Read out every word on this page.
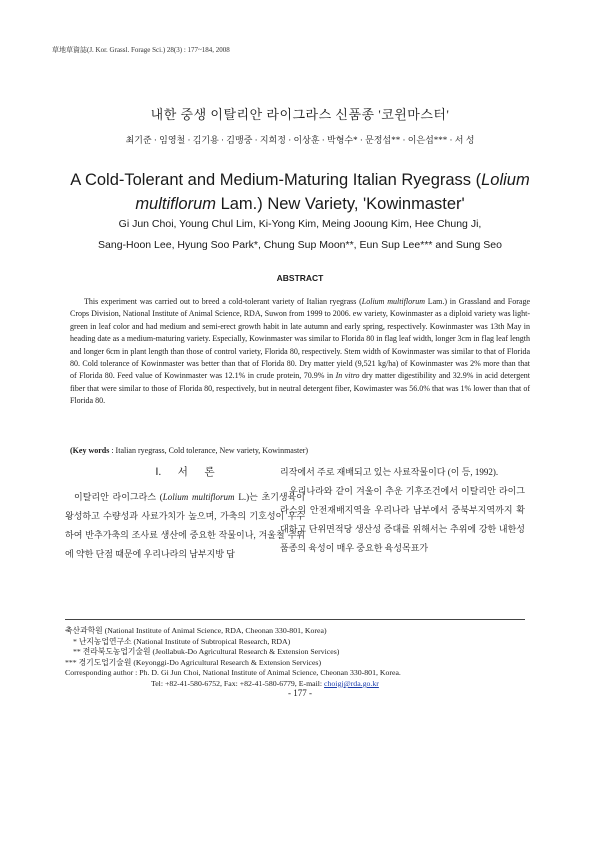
草地草資誌(J. Kor. Grassl. Forage Sci.) 28(3) : 177~184, 2008
내한 중생 이탈리안 라이그라스 신품종 '코윈마스터'
최기준 · 임영철 · 김기용 · 김맹중 · 지희정 · 이상훈 · 박형수* · 문정섭** · 이은섭*** · 서 성
A Cold-Tolerant and Medium-Maturing Italian Ryegrass (Lolium multiflorum Lam.) New Variety, 'Kowinmaster'
Gi Jun Choi, Young Chul Lim, Ki-Yong Kim, Meing Jooung Kim, Hee Chung Ji,
Sang-Hoon Lee, Hyung Soo Park*, Chung Sup Moon**, Eun Sup Lee*** and Sung Seo
ABSTRACT

This experiment was carried out to breed a cold-tolerant variety of Italian ryegrass (Lolium multiflorum Lam.) in Grassland and Forage Crops Division, National Institute of Animal Science, RDA, Suwon from 1999 to 2006. ew variety, Kowinmaster as a diploid variety was light-green in leaf color and had medium and semi-erect growth habit in late autumn and early spring, respectively. Kowinmaster was 13th May in heading date as a medium-maturing variety. Especially, Kowinmaster was similar to Florida 80 in flag leaf width, longer 3cm in flag leaf length and longer 6cm in plant length than those of control variety, Florida 80, respectively. Stem width of Kowinmaster was similar to that of Florida 80. Cold tolerance of Kowinmaster was better than that of Florida 80. Dry matter yield (9,521 kg/ha) of Kowinmaster was 2% more than that of Florida 80. Feed value of Kowinmaster was 12.1% in crude protein, 70.9% in In vitro dry matter digestibility and 32.9% in acid detergent fiber that were similar to those of Florida 80, respectively, but in neutral detergent fiber, Kowimaster was 56.0% that was 1% lower than that of Florida 80.

(Key words : Italian ryegrass, Cold tolerance, New variety, Kowinmaster)

Ⅰ. 서 론

이탈리안 라이그라스 (Lolium multiflorum L.)는 초기생육이 왕성하고 수량성과 사료가치가 높으며, 가축의 기호성이 우수하여 반추가축의 조사료 생산에 중요한 작물이나, 겨울철 추위에 약한 단점 때문에 우리나라의 남부지방 답

리작에서 주로 재배되고 있는 사료작물이다 (이 등, 1992).

우리나라와 같이 겨울이 추운 기후조건에서 이탈리안 라이그라스의 안전재배지역을 우리나라 남부에서 중북부지역까지 확대하고 단위면적당 생산성 증대를 위해서는 추위에 강한 내한성 품종의 육성이 매우 중요한 육성목표가

축산과학원 (National Institute of Animal Science, RDA, Cheonan 330-801, Korea)
* 난지농업연구소 (National Institute of Subtropical Research, RDA)
** 전라북도농업기술원 (Jeollabuk-Do Agricultural Research & Extension Services)
*** 경기도업기술원 (Keyonggi-Do Agricultural Research & Extension Services)
Corresponding author : Ph. D. Gi Jun Choi, National Institute of Animal Science, Cheonan 330-801, Korea.
Tel: +82-41-580-6752, Fax: +82-41-580-6779, E-mail: choigj@rda.go.kr
- 177 -
